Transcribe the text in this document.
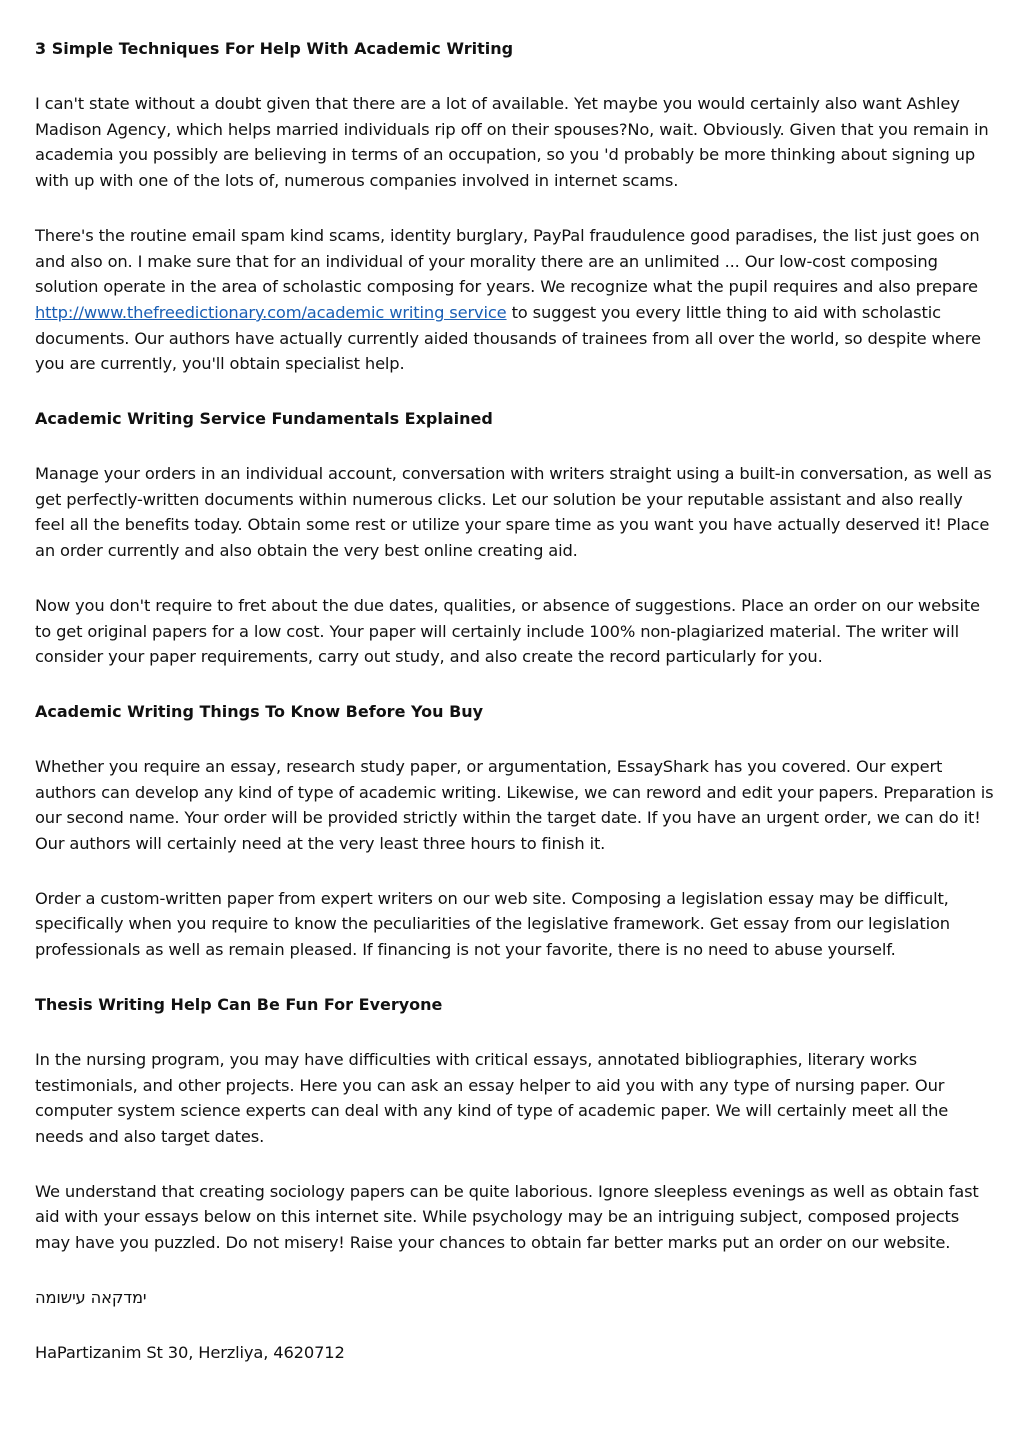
3 Simple Techniques For Help With Academic Writing

I can't state without a doubt given that there are a lot of available. Yet maybe you would certainly also want Ashley Madison Agency, which helps married individuals rip off on their spouses?No, wait. Obviously. Given that you remain in academia you possibly are believing in terms of an occupation, so you 'd probably be more thinking about signing up with up with one of the lots of, numerous companies involved in internet scams.

There's the routine email spam kind scams, identity burglary, PayPal fraudulence good paradises, the list just goes on and also on. I make sure that for an individual of your morality there are an unlimited ... Our low-cost composing solution operate in the area of scholastic composing for years. We recognize what the pupil requires and also prepare http://www.thefreedictionary.com/academic writing service to suggest you every little thing to aid with scholastic documents. Our authors have actually currently aided thousands of trainees from all over the world, so despite where you are currently, you'll obtain specialist help.

Academic Writing Service Fundamentals Explained

Manage your orders in an individual account, conversation with writers straight using a built-in conversation, as well as get perfectly-written documents within numerous clicks. Let our solution be your reputable assistant and also really feel all the benefits today. Obtain some rest or utilize your spare time as you want you have actually deserved it! Place an order currently and also obtain the very best online creating aid.

Now you don't require to fret about the due dates, qualities, or absence of suggestions. Place an order on our website to get original papers for a low cost. Your paper will certainly include 100% non-plagiarized material. The writer will consider your paper requirements, carry out study, and also create the record particularly for you.

Academic Writing Things To Know Before You Buy

Whether you require an essay, research study paper, or argumentation, EssayShark has you covered. Our expert authors can develop any kind of type of academic writing. Likewise, we can reword and edit your papers. Preparation is our second name. Your order will be provided strictly within the target date. If you have an urgent order, we can do it! Our authors will certainly need at the very least three hours to finish it.

Order a custom-written paper from expert writers on our web site. Composing a legislation essay may be difficult, specifically when you require to know the peculiarities of the legislative framework. Get essay from our legislation professionals as well as remain pleased. If financing is not your favorite, there is no need to abuse yourself.

Thesis Writing Help Can Be Fun For Everyone

In the nursing program, you may have difficulties with critical essays, annotated bibliographies, literary works testimonials, and other projects. Here you can ask an essay helper to aid you with any type of nursing paper. Our computer system science experts can deal with any kind of type of academic paper. We will certainly meet all the needs and also target dates.

We understand that creating sociology papers can be quite laborious. Ignore sleepless evenings as well as obtain fast aid with your essays below on this internet site. While psychology may be an intriguing subject, composed projects may have you puzzled. Do not misery! Raise your chances to obtain far better marks put an order on our website.

ימדקאה עישומה

HaPartizanim St 30, Herzliya, 4620712
